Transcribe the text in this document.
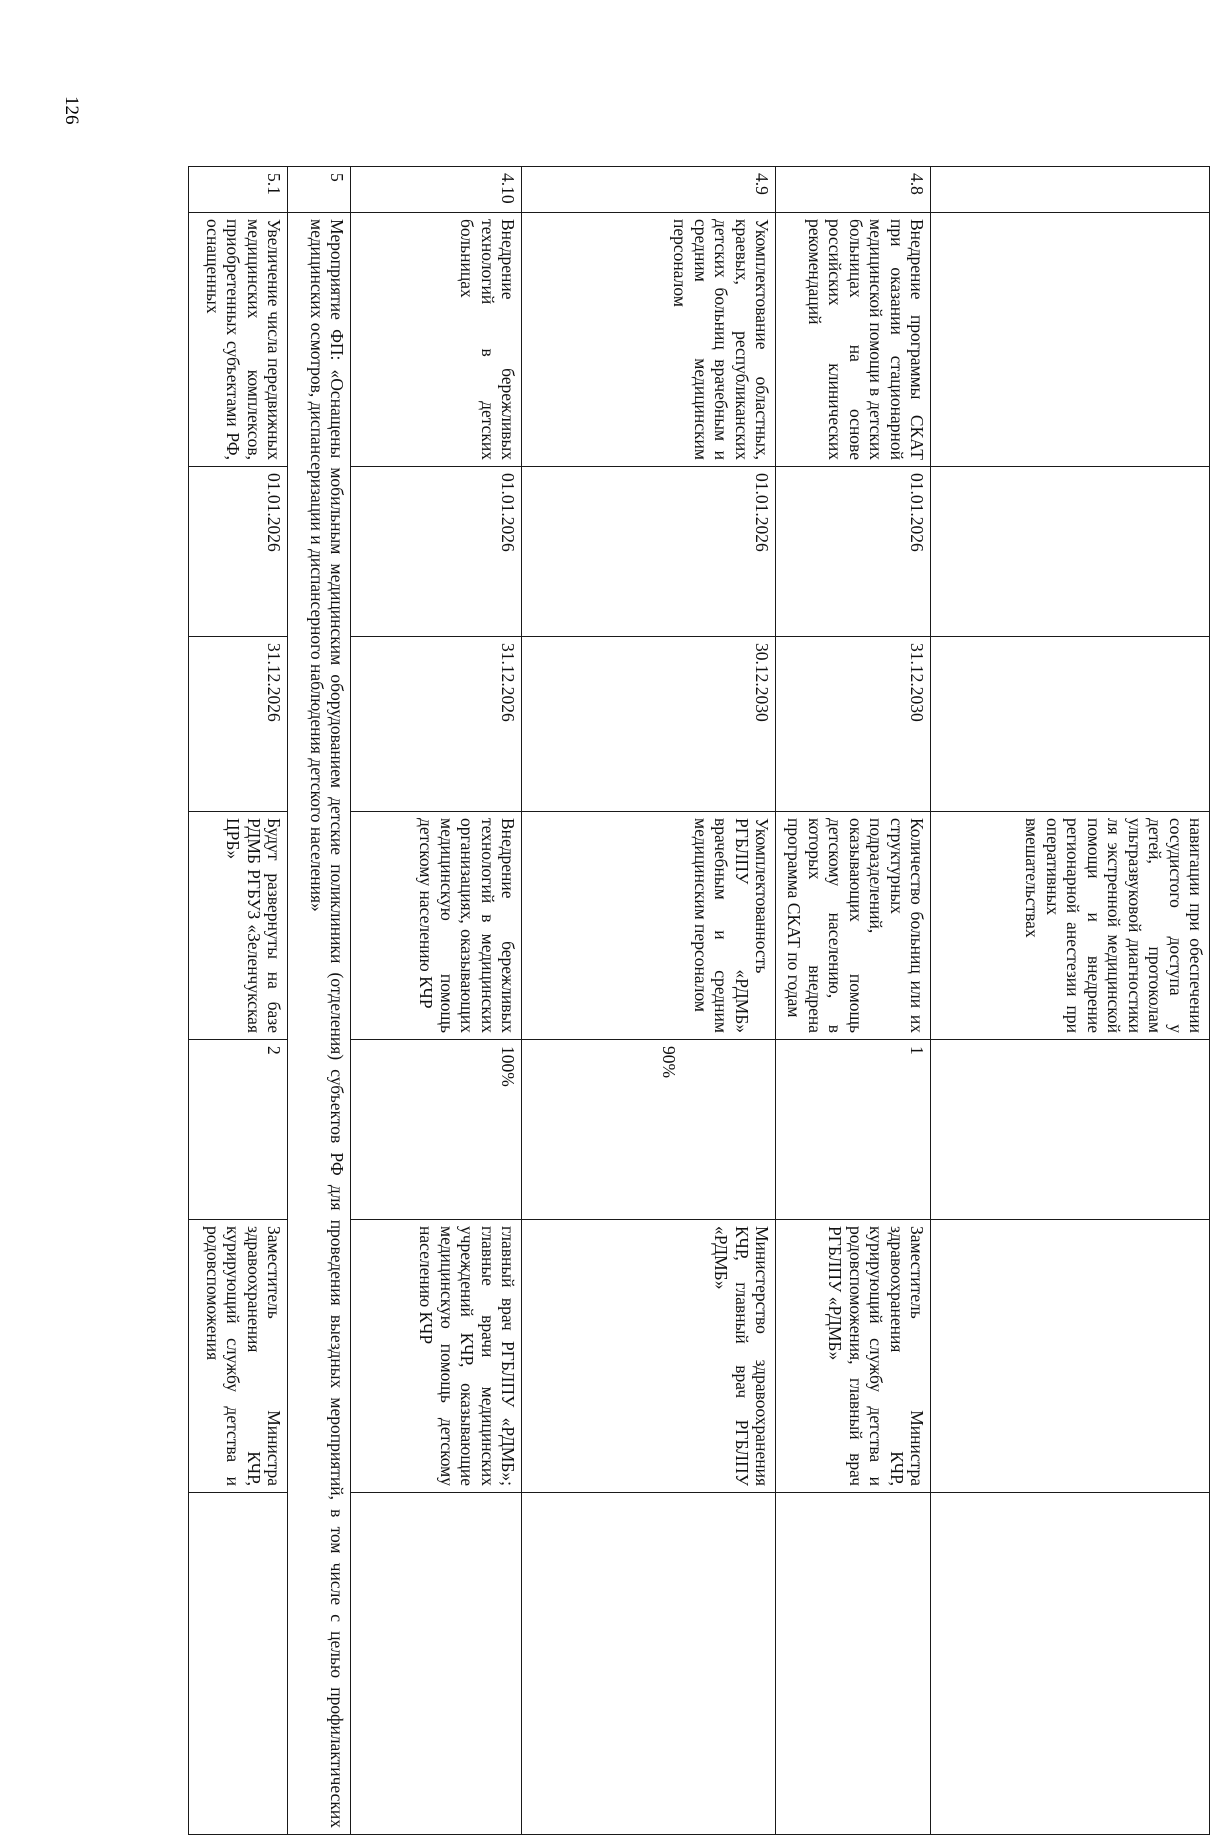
126
				навигации при обеспечении сосудистого доступа у детей, протоколам ультразвуковой диагностики ля экстренной медицинской помощи и внедрение регионарной анестезии при оперативных вмешательствах			
4.8	Внедрение программы СКАТ при оказании стационарной медицинской помощи в детских больницах на основе российских клинических рекомендаций	01.01.2026	31.12.2030	Количество больниц или их структурных подразделений, оказывающих помощь детскому населению, в которых внедрена программа СКАТ по годам	1	Заместитель Министра здравоохранения КЧР, курирующий службу детства и родовспоможения, главный врач РГБЛПУ «РДМБ»	
4.9	Укомплектование областных, краевых, республиканских детских больниц врачебным и средним медицинским персоналом	01.01.2026	30.12.2030	Укомплектованность РГБЛПУ «РДМБ» врачебным и средним медицинским персоналом	90%	Министерство здравоохранения КЧР, главный врач РГБЛПУ «РДМБ»	
4.10	Внедрение бережливых технологий в детских больницах	01.01.2026	31.12.2026	Внедрение бережливых технологий в медицинских организациях, оказывающих медицинскую помощь детскому населению КЧР	100%	главный врач РГБЛПУ «РДМБ»; главные врачи медицинских учреждений КЧР, оказывающие медицинскую помощь детскому населению КЧР	
5	Мероприятие ФП: «Оснащены мобильным медицинским оборудованием детские поликлиники (отделения) субъектов РФ для проведения выездных мероприятий, в том числе с целью профилактических медицинских осмотров, диспансеризации и диспансерного наблюдения детского населения»						
5.1	Увеличение числа передвижных медицинских комплексов, приобретенных субъектами РФ, оснащенных	01.01.2026	31.12.2026	Будут развернуты на базе РДМБ РГБУЗ «Зеленчукская ЦРБ»	2	Заместитель Министра здравоохранения КЧР, курирующий службу детства и родовспоможения	
